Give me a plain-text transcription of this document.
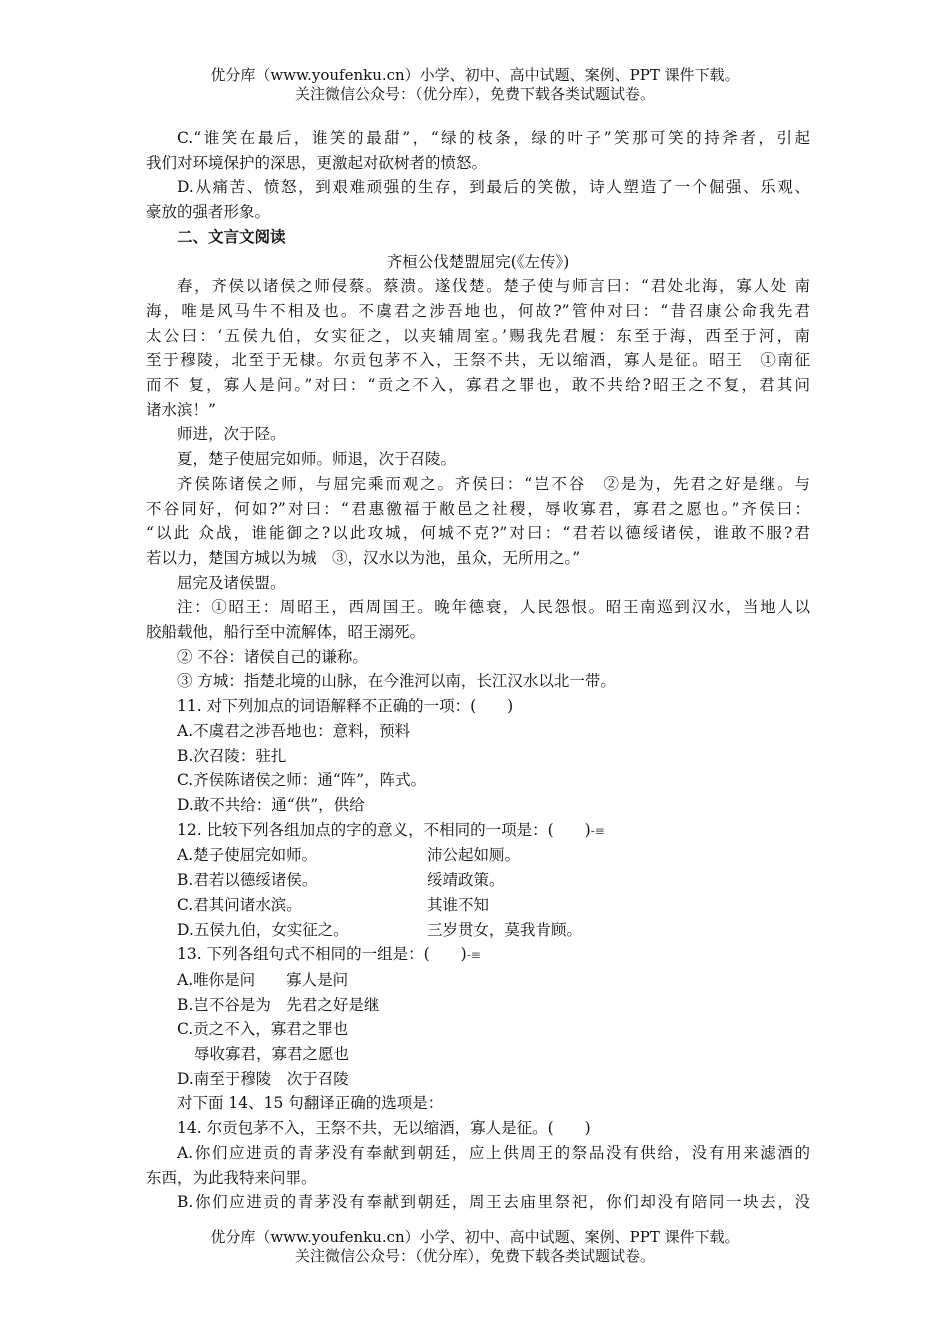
优分库（www.youfenku.cn）小学、初中、高中试题、案例、PPT 课件下载。
关注微信公众号：（优分库），免费下载各类试题试卷。

C.“谁笑在最后，谁笑的最甜”，“绿的枝条，绿的叶子”笑那可笑的持斧者，引起

我们对环境保护的深思，更激起对砍树者的愤怒。

D.从痛苦、愤怒，到艰难顽强的生存，到最后的笑傲，诗人塑造了一个倔强、乐观、

豪放的强者形象。

二、文言文阅读

齐桓公伐楚盟屈完(《左传》)

春，齐侯以诸侯之师侵蔡。蔡溃。遂伐楚。楚子使与师言曰：“君处北海，寡人处 南

海，唯是风马牛不相及也。不虞君之涉吾地也，何故?”管仲对曰：“昔召康公命我先君

太公曰：‘五侯九伯，女实征之，以夹辅周室。’赐我先君履：东至于海，西至于河，南

至于穆陵，北至于无棣。尔贡包茅不入，王祭不共，无以缩酒，寡人是征。昭王　①南征

而不 复，寡人是问。”对曰：“贡之不入，寡君之罪也，敢不共给?昭王之不复，君其问

诸水滨！”

师进，次于陉。

夏，楚子使屈完如师。师退，次于召陵。

齐侯陈诸侯之师，与屈完乘而观之。齐侯曰：“岂不谷　②是为，先君之好是继。与

不谷同好，何如?”对曰：“君惠徼福于敝邑之社稷，辱收寡君，寡君之愿也。”齐侯曰：

“以此 众战，谁能御之?以此攻城，何城不克?”对曰：“君若以德绥诸侯，谁敢不服?君

若以力，楚国方城以为城　③，汉水以为池，虽众，无所用之。”

屈完及诸侯盟。

注：①昭王：周昭王，西周国王。晚年德衰，人民怨恨。昭王南巡到汉水，当地人以

胶船载他，船行至中流解体，昭王溺死。

② 不谷：诸侯自己的谦称。

③ 方城：指楚北境的山脉，在今淮河以南，长江汉水以北一带。

11. 对下列加点的词语解释不正确的一项：(　　)

A.不虞君之涉吾地也：意料，预料

B.次召陵：驻扎

C.齐侯陈诸侯之师：通“阵”，阵式。

D.敢不共给：通“供”，供给

12. 比较下列各组加点的字的意义，不相同的一项是：(　　)-≡

A.楚子使屈完如师。	沛公起如厕。
B.君若以德绥诸侯。	绥靖政策。
C.君其问诸水滨。	其谁不知
D.五侯九伯，女实征之。	三岁贯女，莫我肯顾。

13. 下列各组句式不相同的一组是：(　　)-≡

A.唯你是问　　寡人是问

B.岂不谷是为　先君之好是继

C.贡之不入，寡君之罪也

辱收寡君，寡君之愿也

D.南至于穆陵　次于召陵

对下面 14、15 句翻译正确的选项是：

14. 尔贡包茅不入，王祭不共，无以缩酒，寡人是征。(　　)

A.你们应进贡的青茅没有奉献到朝廷，应上供周王的祭品没有供给，没有用来滤酒的

东西，为此我特来问罪。

B.你们应进贡的青茅没有奉献到朝廷，周王去庙里祭祀，你们却没有陪同一块去，没

优分库（www.youfenku.cn）小学、初中、高中试题、案例、PPT 课件下载。
关注微信公众号：（优分库），免费下载各类试题试卷。
